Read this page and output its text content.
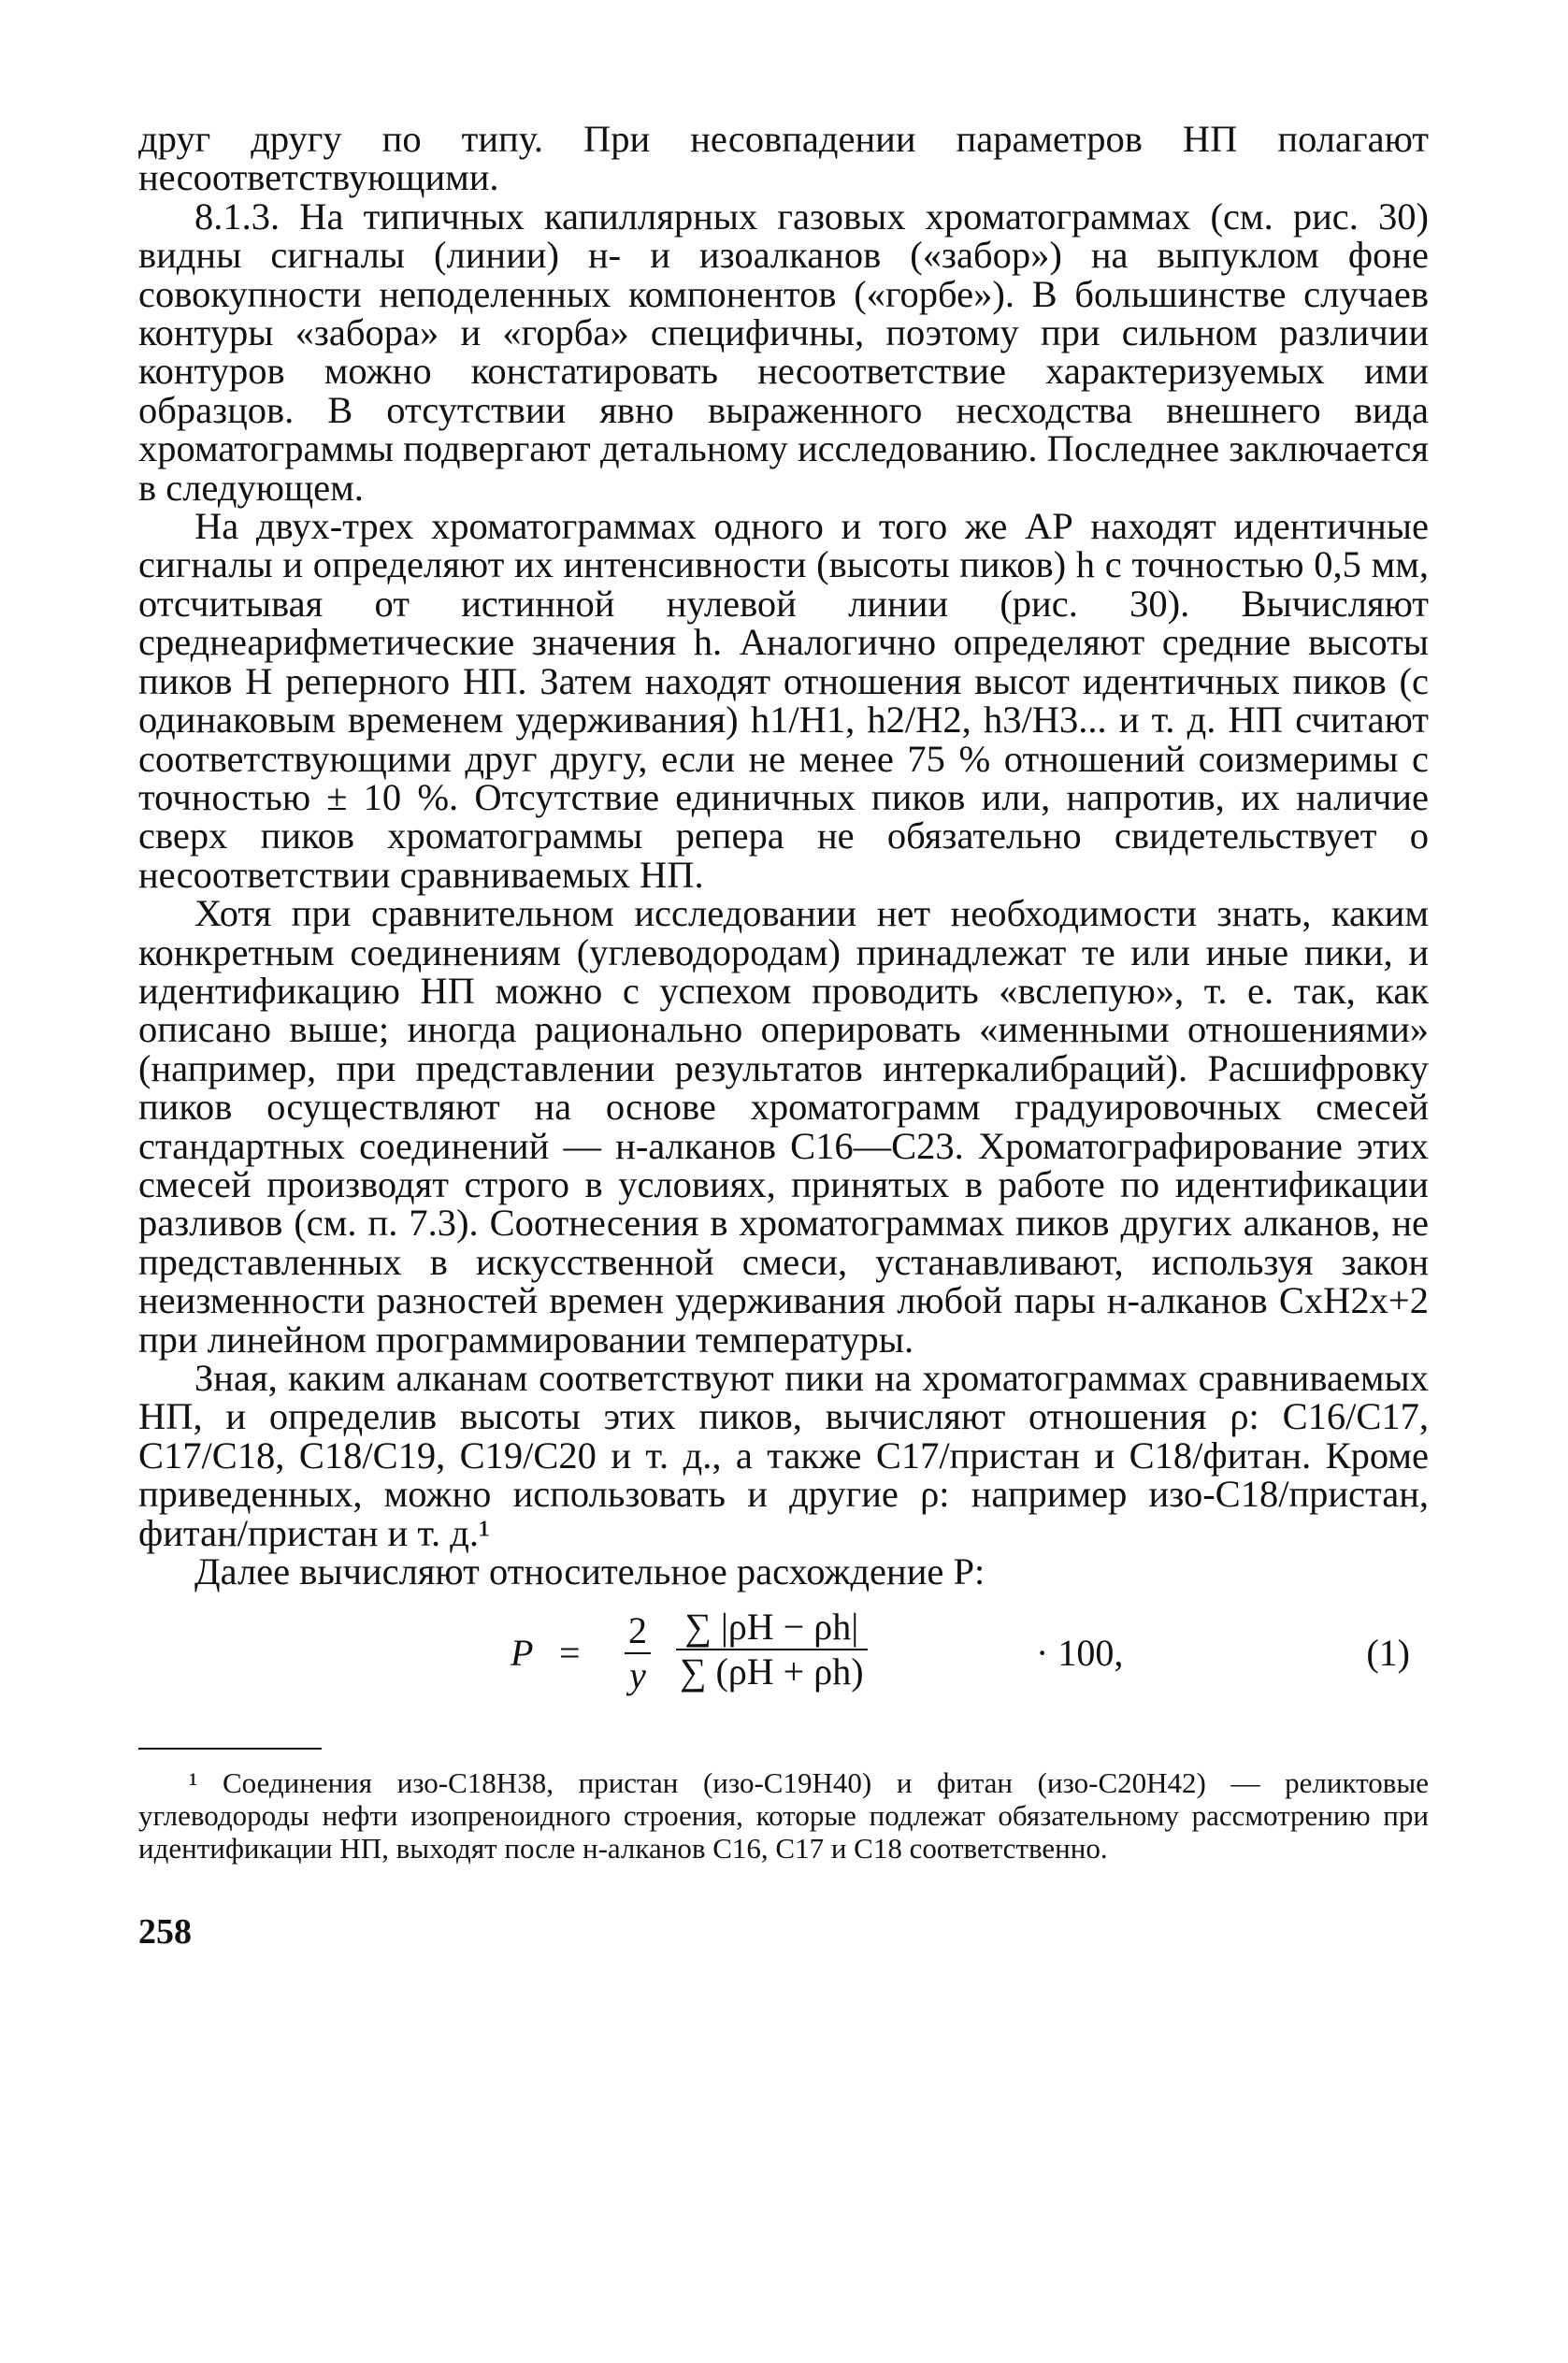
друг другу по типу. При несовпадении параметров НП полагают несоответствующими.

8.1.3. На типичных капиллярных газовых хроматограммах (см. рис. 30) видны сигналы (линии) н- и изоалканов («забор») на выпуклом фоне совокупности неподеленных компонентов («горбе»). В большинстве случаев контуры «забора» и «горба» специфичны, поэтому при сильном различии контуров можно констатировать несоответствие характеризуемых ими образцов. В отсутствии явно выраженного несходства внешнего вида хроматограммы подвергают детальному исследованию. Последнее заключается в следующем.

На двух-трех хроматограммах одного и того же АР находят идентичные сигналы и определяют их интенсивности (высоты пиков) h с точностью 0,5 мм, отсчитывая от истинной нулевой линии (рис. 30). Вычисляют среднеарифметические значения h. Аналогично определяют средние высоты пиков H реперного НП. Затем находят отношения высот идентичных пиков (с одинаковым временем удерживания) h1/H1, h2/H2, h3/H3... и т. д. НП считают соответствующими друг другу, если не менее 75 % отношений соизмеримы с точностью ± 10 %. Отсутствие единичных пиков или, напротив, их наличие сверх пиков хроматограммы репера не обязательно свидетельствует о несоответствии сравниваемых НП.

Хотя при сравнительном исследовании нет необходимости знать, каким конкретным соединениям (углеводородам) принадлежат те или иные пики, и идентификацию НП можно с успехом проводить «вслепую», т. е. так, как описано выше; иногда рационально оперировать «именными отношениями» (например, при представлении результатов интеркалибраций). Расшифровку пиков осуществляют на основе хроматограмм градуировочных смесей стандартных соединений — н-алканов C16—C23. Хроматографирование этих смесей производят строго в условиях, принятых в работе по идентификации разливов (см. п. 7.3). Соотнесения в хроматограммах пиков других алканов, не представленных в искусственной смеси, устанавливают, используя закон неизменности разностей времен удерживания любой пары н-алканов CxH2x+2 при линейном программировании температуры.

Зная, каким алканам соответствуют пики на хроматограммах сравниваемых НП, и определив высоты этих пиков, вычисляют отношения ρ: C16/C17, C17/C18, C18/C19, C19/C20 и т. д., а также C17/пристан и C18/фитан. Кроме приведенных, можно использовать и другие ρ: например изо-C18/пристан, фитан/пристан и т. д.¹

Далее вычисляют относительное расхождение P:

P =
2
y
∑ |ρH − ρh|
∑ (ρH + ρh)	· 100,	(1)

¹ Соединения изо-C18H38, пристан (изо-C19H40) и фитан (изо-C20H42) — реликтовые углеводороды нефти изопреноидного строения, которые подлежат обязательному рассмотрению при идентификации НП, выходят после н-алканов C16, C17 и C18 соответственно.

258
